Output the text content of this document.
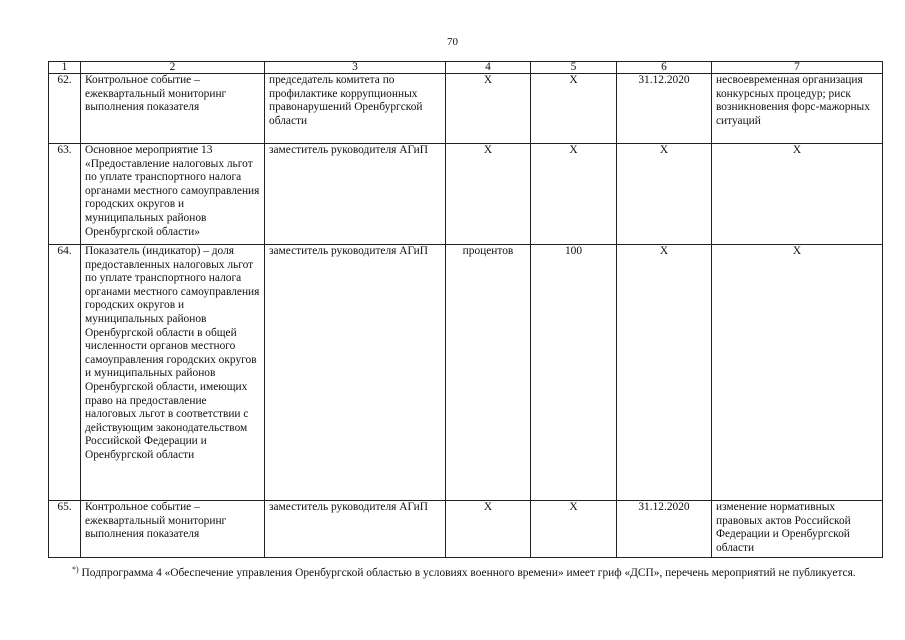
70
1	2	3	4	5	6	7
62.	Контрольное событие – ежеквартальный мониторинг выполнения показателя	председатель комитета по профилактике коррупционных правонарушений Оренбургской области	X	X	31.12.2020	несвоевременная организация конкурсных процедур; риск возникновения форс-мажорных ситуаций
63.	Основное мероприятие 13 «Предоставление налоговых льгот по уплате транспортного налога органами местного самоуправления городских округов и муниципальных районов Оренбургской области»	заместитель руководителя АГиП	X	X	X	X
64.	Показатель (индикатор) – доля предоставленных налоговых льгот по уплате транспортного налога органами местного самоуправления городских округов и муниципальных районов Оренбургской области в общей численности органов местного самоуправления городских округов и муниципальных районов Оренбургской области, имеющих право на предоставление налоговых льгот в соответствии с действующим законодательством Российской Федерации и Оренбургской области	заместитель руководителя АГиП	процентов	100	X	X
65.	Контрольное событие – ежеквартальный мониторинг выполнения показателя	заместитель руководителя АГиП	X	X	31.12.2020	изменение нормативных правовых актов Российской Федерации и Оренбургской области
*) Подпрограмма 4 «Обеспечение управления Оренбургской областью в условиях военного времени» имеет гриф «ДСП», перечень мероприятий не публикуется.
